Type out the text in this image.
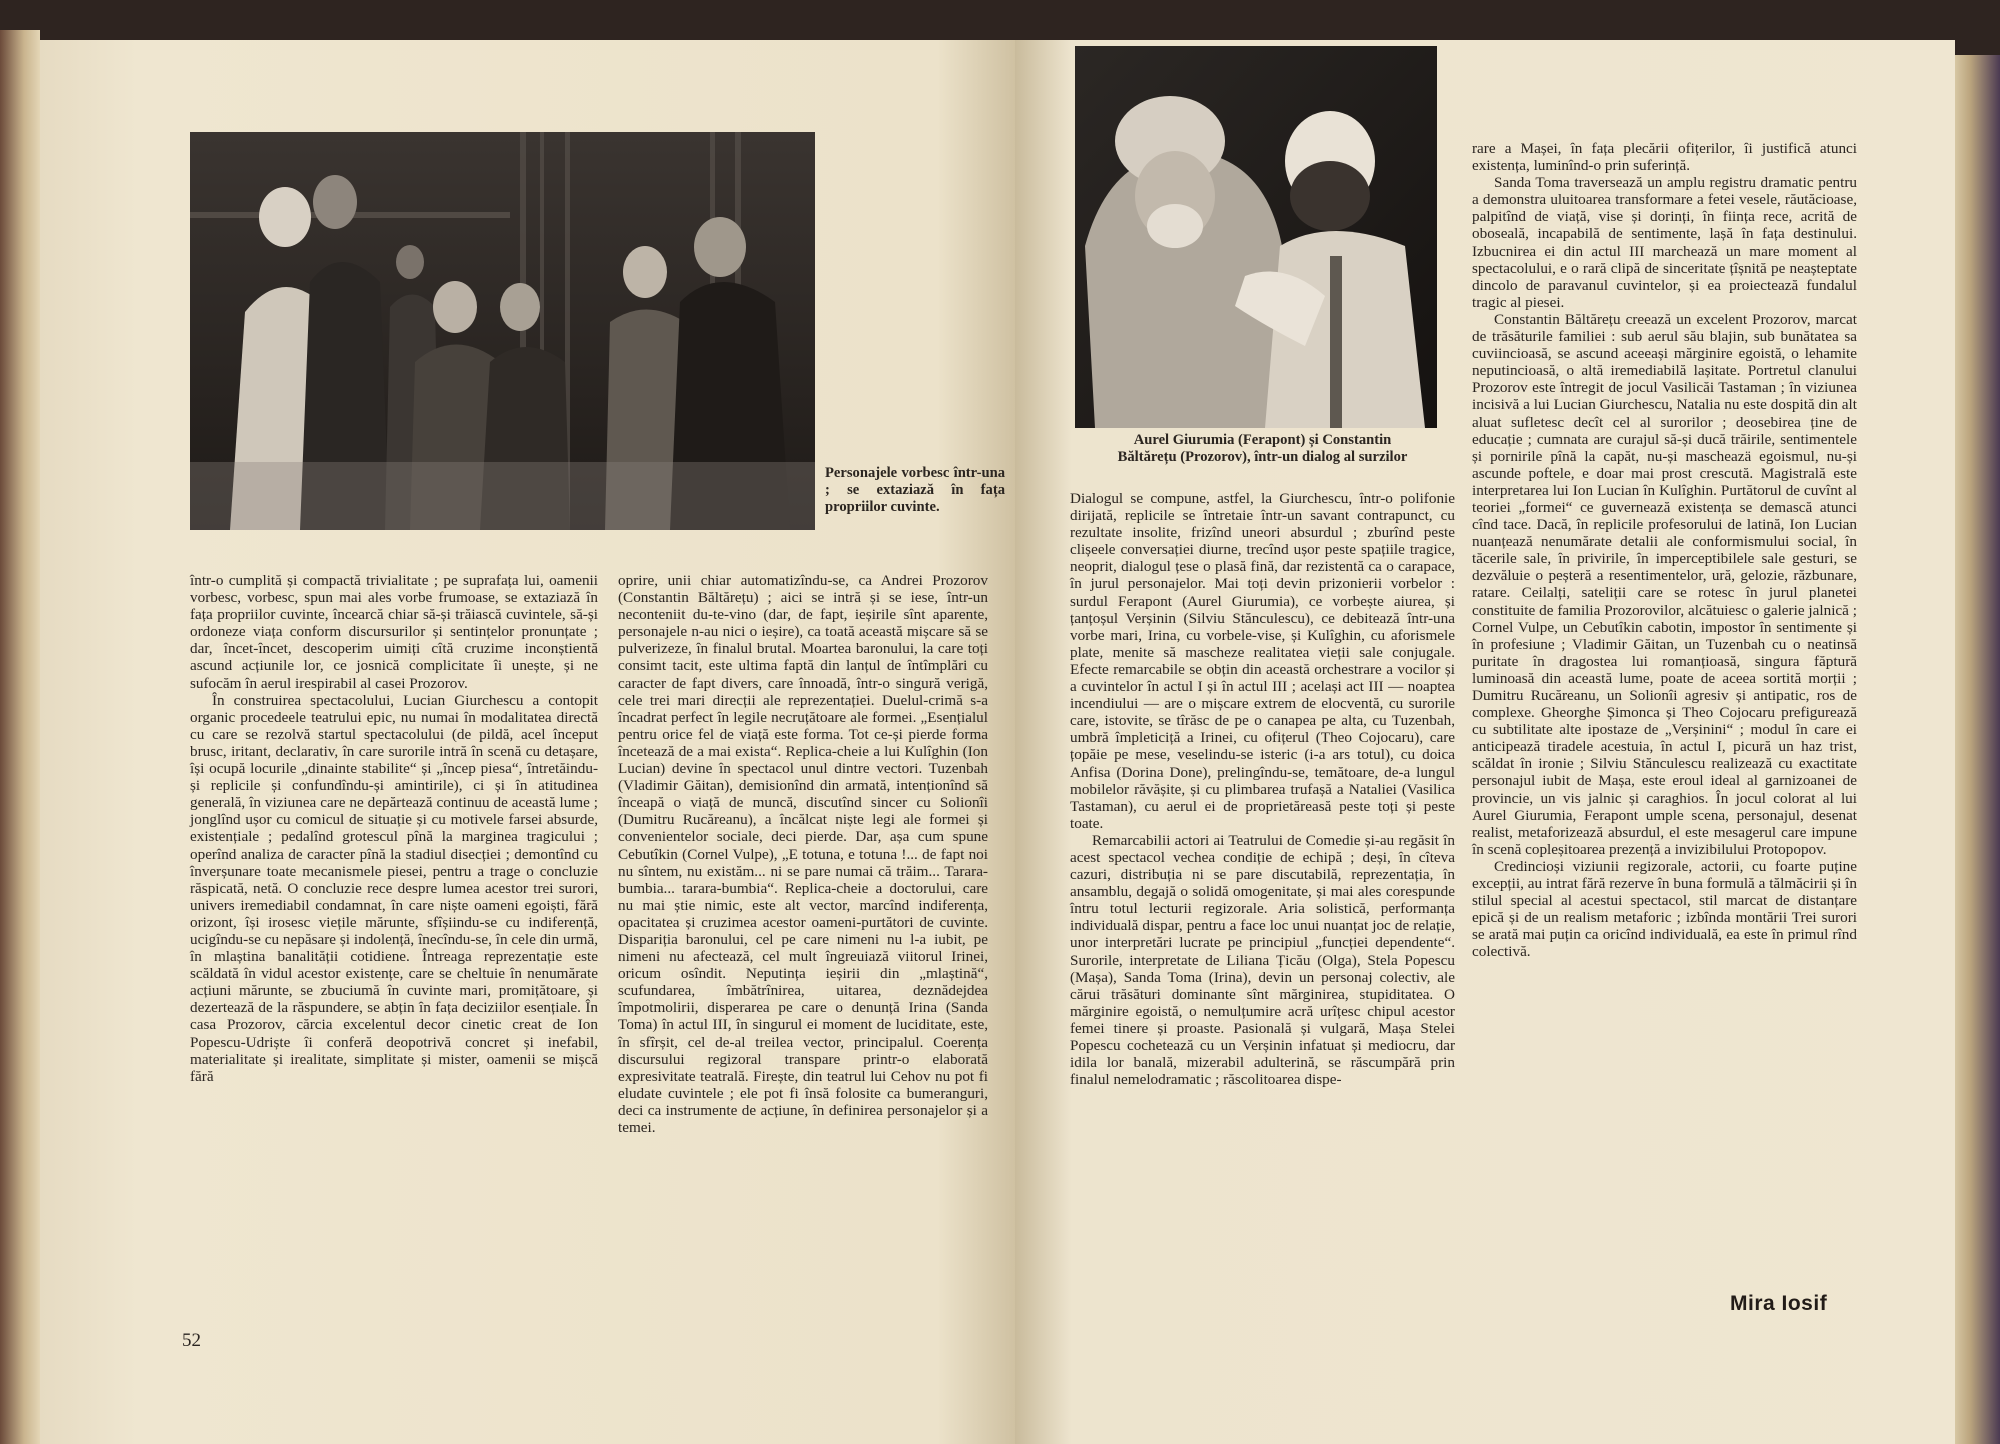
Personajele vorbesc într-una ; se extaziază în fața propriilor cuvinte.

într-o cumplită și compactă trivialitate ; pe suprafața lui, oamenii vorbesc, vorbesc, spun mai ales vorbe frumoase, se extaziază în fața propriilor cuvinte, încearcă chiar să-și trăiască cuvintele, să-și ordoneze viața conform discursurilor și sentințelor pronunțate ; dar, încet-încet, descoperim uimiți cîtă cruzime inconștientă ascund acțiunile lor, ce josnică complicitate îi unește, și ne sufocăm în aerul irespirabil al casei Prozorov.

În construirea spectacolului, Lucian Giurchescu a contopit organic procedeele teatrului epic, nu numai în modalitatea directă cu care se rezolvă startul spectacolului (de pildă, acel început brusc, iritant, declarativ, în care surorile intră în scenă cu detașare, își ocupă locurile „dinainte stabilite“ și „încep piesa“, întretăindu-și replicile și confundîndu-și amintirile), ci și în atitudinea generală, în viziunea care ne depărtează continuu de această lume ; jonglînd ușor cu comicul de situație și cu motivele farsei absurde, existențiale ; pedalînd grotescul pînă la marginea tragicului ; operînd analiza de caracter pînă la stadiul disecției ; demontînd cu înverșunare toate mecanismele piesei, pentru a trage o concluzie răspicată, netă. O concluzie rece despre lumea acestor trei surori, univers iremediabil condamnat, în care niște oameni egoiști, fără orizont, își irosesc viețile mărunte, sfîșiindu-se cu indiferență, ucigîndu-se cu nepăsare și indolență, înecîndu-se, în cele din urmă, în mlaștina banalității cotidiene. Întreaga reprezentație este scăldată în vidul acestor existențe, care se cheltuie în nenumărate acțiuni mărunte, se zbuciumă în cuvinte mari, promițătoare, și dezertează de la răspundere, se abțin în fața deciziilor esențiale. În casa Prozorov, cărcia excelentul decor cinetic creat de Ion Popescu-Udriște îi conferă deopotrivă concret și inefabil, materialitate și irealitate, simplitate și mister, oamenii se mișcă fără

oprire, unii chiar automatizîndu-se, ca Andrei Prozorov (Constantin Băltărețu) ; aici se intră și se iese, într-un neconteniit du-te-vino (dar, de fapt, ieșirile sînt aparente, personajele n-au nici o ieșire), ca toată această mișcare să se pulverizeze, în finalul brutal. Moartea baronului, la care toți consimt tacit, este ultima faptă din lanțul de întîmplări cu caracter de fapt divers, care înnoadă, într-o singură verigă, cele trei mari direcții ale reprezentației. Duelul-crimă s-a încadrat perfect în legile necruțătoare ale formei. „Esențialul pentru orice fel de viață este forma. Tot ce-și pierde forma încetează de a mai exista“. Replica-cheie a lui Kulîghin (Ion Lucian) devine în spectacol unul dintre vectori. Tuzenbah (Vladimir Găitan), demisionînd din armată, intenționînd să înceapă o viață de muncă, discutînd sincer cu Solionîi (Dumitru Rucăreanu), a încălcat niște legi ale formei și convenientelor sociale, deci pierde. Dar, așa cum spune Cebutîkin (Cornel Vulpe), „E totuna, e totuna !... de fapt noi nu sîntem, nu existăm... ni se pare numai că trăim... Tarara-bumbia... tarara-bumbia“. Replica-cheie a doctorului, care nu mai știe nimic, este alt vector, marcînd indiferența, opacitatea și cruzimea acestor oameni-purtători de cuvinte. Dispariția baronului, cel pe care nimeni nu l-a iubit, pe nimeni nu afectează, cel mult îngreuiază viitorul Irinei, oricum osîndit. Neputința ieșirii din „mlaștină“, scufundarea, îmbătrînirea, uitarea, deznădejdea împotmolirii, disperarea pe care o denunță Irina (Sanda Toma) în actul III, în singurul ei moment de luciditate, este, în sfîrșit, cel de-al treilea vector, principalul. Coerența discursului regizoral transpare printr-o elaborată expresivitate teatrală. Firește, din teatrul lui Cehov nu pot fi eludate cuvintele ; ele pot fi însă folosite ca bumeranguri, deci ca instrumente de acțiune, în definirea personajelor și a temei.

52
Aurel Giurumia (Ferapont) și Constantin Băltărețu (Prozorov), într-un dialog al surzilor

Dialogul se compune, astfel, la Giurchescu, într-o polifonie dirijată, replicile se întretaie într-un savant contrapunct, cu rezultate insolite, frizînd uneori absurdul ; zburînd peste clișeele conversației diurne, trecînd ușor peste spațiile tragice, neoprit, dialogul țese o plasă fină, dar rezistentă ca o carapace, în jurul personajelor. Mai toți devin prizonierii vorbelor : surdul Ferapont (Aurel Giurumia), ce vorbește aiurea, și țanțoșul Verșinin (Silviu Stănculescu), ce debitează într-una vorbe mari, Irina, cu vorbele-vise, și Kulîghin, cu aforismele plate, menite să mascheze realitatea vieții sale conjugale. Efecte remarcabile se obțin din această orchestrare a vocilor și a cuvintelor în actul I și în actul III ; același act III — noaptea incendiului — are o mișcare extrem de elocventă, cu surorile care, istovite, se tîrăsc de pe o canapea pe alta, cu Tuzenbah, umbră împleticiță a Irinei, cu ofițerul (Theo Cojocaru), care țopăie pe mese, veselindu-se isteric (i-a ars totul), cu doica Anfisa (Dorina Done), prelingîndu-se, temătoare, de-a lungul mobilelor răvășite, și cu plimbarea trufașă a Nataliei (Vasilica Tastaman), cu aerul ei de proprietăreasă peste toți și peste toate.

Remarcabilii actori ai Teatrului de Comedie și-au regăsit în acest spectacol vechea condiție de echipă ; deși, în cîteva cazuri, distribuția ni se pare discutabilă, reprezentația, în ansamblu, degajă o solidă omogenitate, și mai ales corespunde întru totul lecturii regizorale. Aria solistică, performanța individuală dispar, pentru a face loc unui nuanțat joc de relație, unor interpretări lucrate pe principiul „funcției dependente“. Surorile, interpretate de Liliana Țicău (Olga), Stela Popescu (Mașa), Sanda Toma (Irina), devin un personaj colectiv, ale cărui trăsături dominante sînt mărginirea, stupiditatea. O mărginire egoistă, o nemulțumire acră urîțesc chipul acestor femei tinere și proaste. Pasională și vulgară, Mașa Stelei Popescu cochetează cu un Verșinin infatuat și mediocru, dar idila lor banală, mizerabil adulterină, se răscumpără prin finalul nemelodramatic ; răscolitoarea dispe-

rare a Mașei, în fața plecării ofițerilor, îi justifică atunci existența, luminînd-o prin suferință.

Sanda Toma traversează un amplu registru dramatic pentru a demonstra uluitoarea transformare a fetei vesele, răutăcioase, palpitînd de viață, vise și dorinți, în ființa rece, acrită de oboseală, incapabilă de sentimente, lașă în fața destinului. Izbucnirea ei din actul III marchează un mare moment al spectacolului, e o rară clipă de sinceritate țîșnită pe neașteptate dincolo de paravanul cuvintelor, și ea proiectează fundalul tragic al piesei.

Constantin Băltărețu creează un excelent Prozorov, marcat de trăsăturile familiei : sub aerul său blajin, sub bunătatea sa cuviincioasă, se ascund aceeași mărginire egoistă, o lehamite neputincioasă, o altă iremediabilă lașitate. Portretul clanului Prozorov este întregit de jocul Vasilicăi Tastaman ; în viziunea incisivă a lui Lucian Giurchescu, Natalia nu este dospită din alt aluat sufletesc decît cel al surorilor ; deosebirea ține de educație ; cumnata are curajul să-și ducă trăirile, sentimentele și pornirile pînă la capăt, nu-și mascheazä egoismul, nu-și ascunde poftele, e doar mai prost crescută. Magistrală este interpretarea lui Ion Lucian în Kulîghin. Purtătorul de cuvînt al teoriei „formei“ ce guvernează existența se demască atunci cînd tace. Dacă, în replicile profesorului de latină, Ion Lucian nuanțează nenumărate detalii ale conformismului social, în tăcerile sale, în privirile, în imperceptibilele sale gesturi, se dezvăluie o peșteră a resentimentelor, ură, gelozie, răzbunare, ratare. Ceilalți, sateliții care se rotesc în jurul planetei constituite de familia Prozorovilor, alcătuiesc o galerie jalnică ; Cornel Vulpe, un Cebutîkin cabotin, impostor în sentimente și în profesiune ; Vladimir Găitan, un Tuzenbah cu o neatinsă puritate în dragostea lui romanțioasă, singura făptură luminoasă din această lume, poate de aceea sortită morții ; Dumitru Rucăreanu, un Solionîi agresiv și antipatic, ros de complexe. Gheorghe Șimonca și Theo Cojocaru prefigurează cu subtilitate alte ipostaze de „Verșinini“ ; modul în care ei anticipează tiradele acestuia, în actul I, picură un haz trist, scăldat în ironie ; Silviu Stănculescu realizează cu exactitate personajul iubit de Mașa, este eroul ideal al garnizoanei de provincie, un vis jalnic și caraghios. În jocul colorat al lui Aurel Giurumia, Ferapont umple scena, personajul, desenat realist, metaforizează absurdul, el este mesagerul care impune în scenă copleșitoarea prezență a invizibilului Protopopov.

Credincioși viziunii regizorale, actorii, cu foarte puține excepții, au intrat fără rezerve în buna formulă a tălmăcirii și în stilul special al acestui spectacol, stil marcat de distanțare epică și de un realism metaforic ; izbînda montării Trei surori se arată mai puțin ca oricînd individuală, ea este în primul rînd colectivă.

Mira Iosif
